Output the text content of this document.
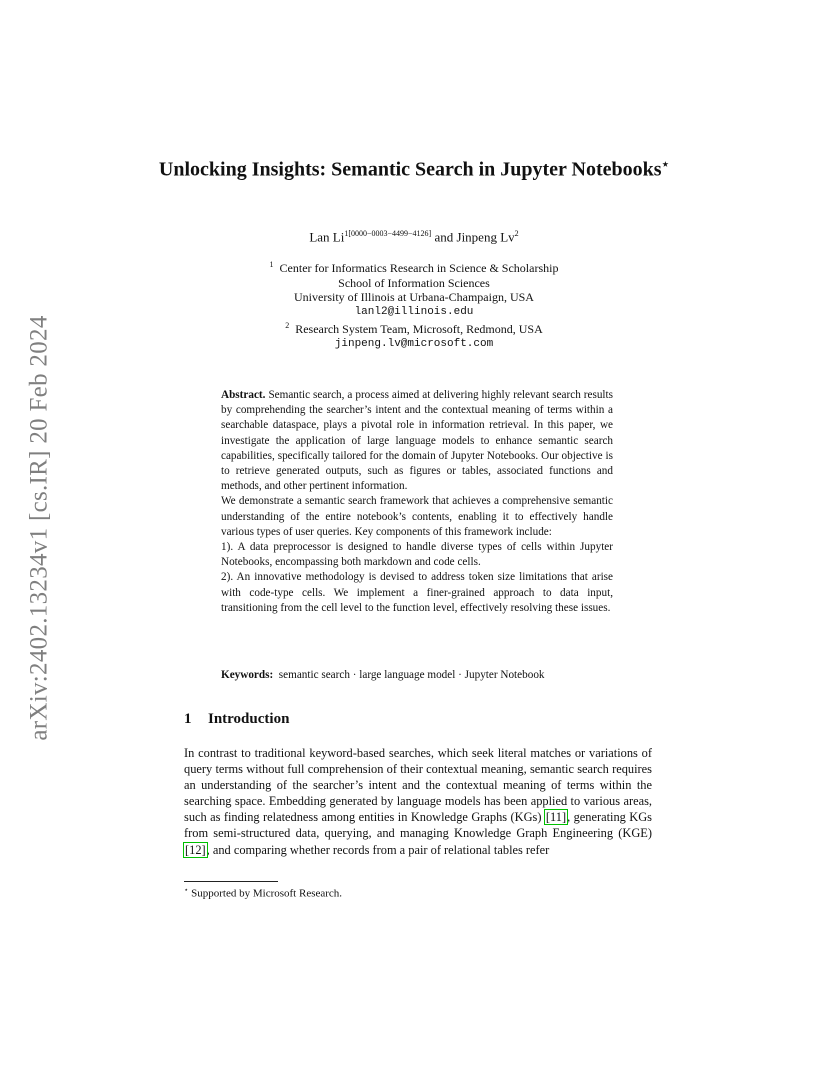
arXiv:2402.13234v1 [cs.IR] 20 Feb 2024
Unlocking Insights: Semantic Search in Jupyter Notebooks⋆
Lan $Li^{1[0000-0003-4499-4126]}$ and Jinpeng Lv$^2$
$^1$ Center for Informatics Research in Science & Scholarship
School of Information Sciences
University of Illinois at Urbana-Champaign, USA
lanl2@illinois.edu
$^2$ Research System Team, Microsoft, Redmond, USA
jinpeng.lv@microsoft.com

Abstract. Semantic search, a process aimed at delivering highly relevant search results by comprehending the searcher’s intent and the contextual meaning of terms within a searchable dataspace, plays a pivotal role in information retrieval. In this paper, we investigate the application of large language models to enhance semantic search capabilities, specifically tailored for the domain of Jupyter Notebooks. Our objective is to retrieve generated outputs, such as figures or tables, associated functions and methods, and other pertinent information.

We demonstrate a semantic search framework that achieves a comprehensive semantic understanding of the entire notebook’s contents, enabling it to effectively handle various types of user queries. Key components of this framework include:

1). A data preprocessor is designed to handle diverse types of cells within Jupyter Notebooks, encompassing both markdown and code cells.

2). An innovative methodology is devised to address token size limitations that arise with code-type cells. We implement a finer-grained approach to data input, transitioning from the cell level to the function level, effectively resolving these issues.

Keywords: semantic search · large language model · Jupyter Notebook
1 Introduction

In contrast to traditional keyword-based searches, which seek literal matches or variations of query terms without full comprehension of their contextual meaning, semantic search requires an understanding of the searcher’s intent and the contextual meaning of terms within the searching space. Embedding generated by language models has been applied to various areas, such as finding relatedness among entities in Knowledge Graphs (KGs) [11], generating KGs from semi-structured data, querying, and managing Knowledge Graph Engineering (KGE) [12], and comparing whether records from a pair of relational tables refer

⋆ Supported by Microsoft Research.
